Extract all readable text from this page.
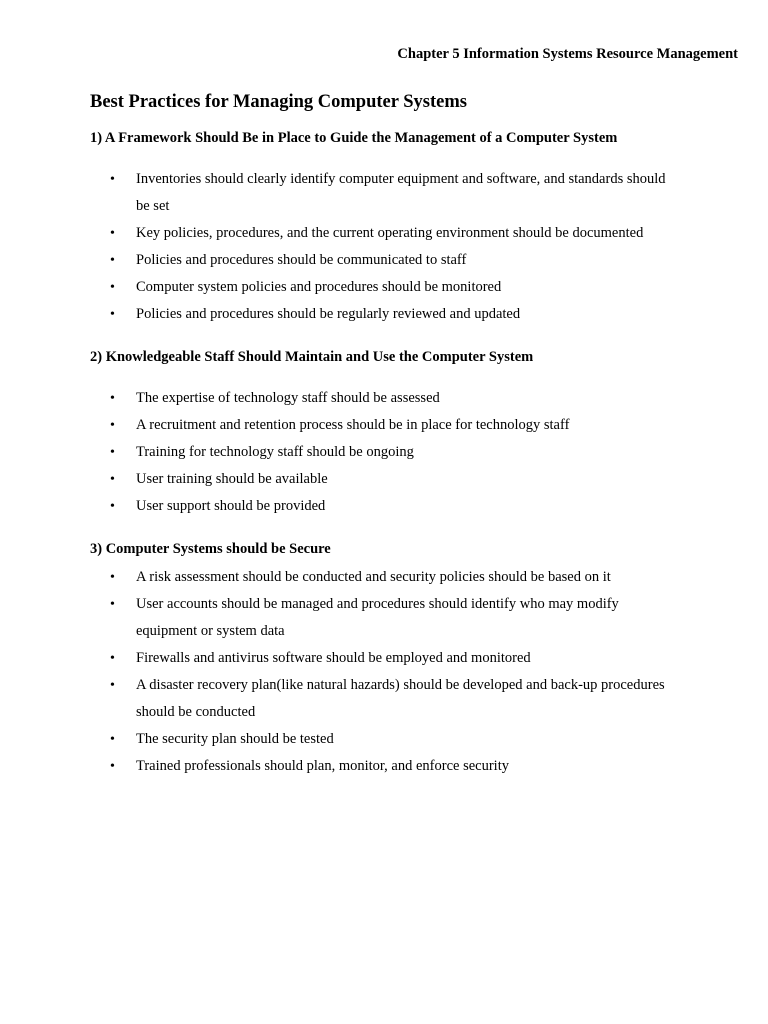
Chapter 5 Information Systems Resource Management
Best Practices for Managing Computer Systems
1) A Framework Should Be in Place to Guide the Management of a Computer System
• Inventories should clearly identify computer equipment and software, and standards should be set
• Key policies, procedures, and the current operating environment should be documented
• Policies and procedures should be communicated to staff
• Computer system policies and procedures should be monitored
• Policies and procedures should be regularly reviewed and updated
2) Knowledgeable Staff Should Maintain and Use the Computer System
• The expertise of technology staff should be assessed
• A recruitment and retention process should be in place for technology staff
• Training for technology staff should be ongoing
• User training should be available
• User support should be provided
3) Computer Systems should be Secure
• A risk assessment should be conducted and security policies should be based on it
• User accounts should be managed and procedures should identify who may modify equipment or system data
• Firewalls and antivirus software should be employed and monitored
• A disaster recovery plan(like natural hazards) should be developed and back-up procedures should be conducted
• The security plan should be tested
• Trained professionals should plan, monitor, and enforce security
